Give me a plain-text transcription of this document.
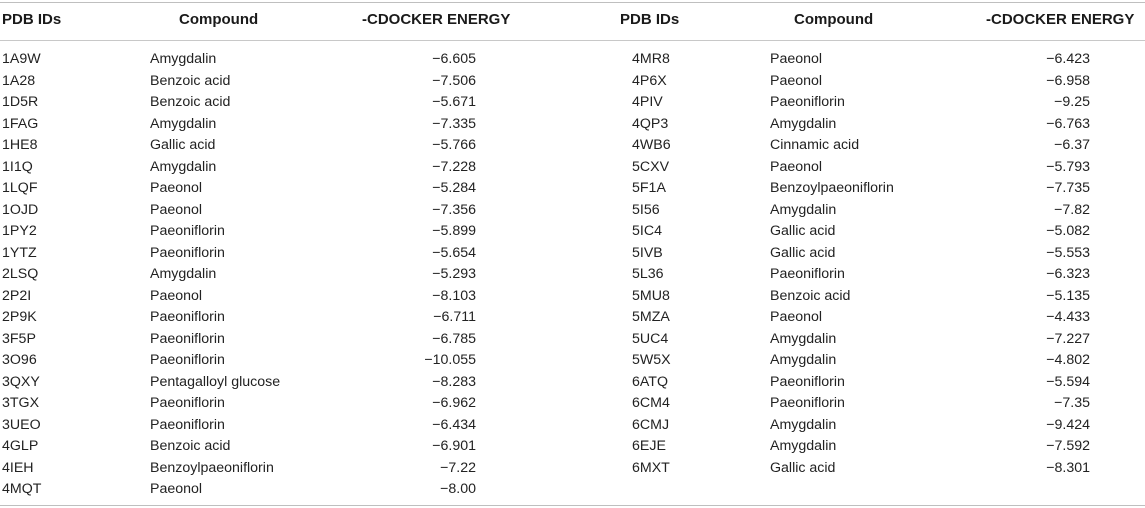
PDB IDs	Compound	-CDOCKER ENERGY	PDB IDs	Compound	-CDOCKER ENERGY
1A9W	Amygdalin	−6.605	4MR8	Paeonol	−6.423
1A28	Benzoic acid	−7.506	4P6X	Paeonol	−6.958
1D5R	Benzoic acid	−5.671	4PIV	Paeoniflorin	−9.25
1FAG	Amygdalin	−7.335	4QP3	Amygdalin	−6.763
1HE8	Gallic acid	−5.766	4WB6	Cinnamic acid	−6.37
1I1Q	Amygdalin	−7.228	5CXV	Paeonol	−5.793
1LQF	Paeonol	−5.284	5F1A	Benzoylpaeoniflorin	−7.735
1OJD	Paeonol	−7.356	5I56	Amygdalin	−7.82
1PY2	Paeoniflorin	−5.899	5IC4	Gallic acid	−5.082
1YTZ	Paeoniflorin	−5.654	5IVB	Gallic acid	−5.553
2LSQ	Amygdalin	−5.293	5L36	Paeoniflorin	−6.323
2P2I	Paeonol	−8.103	5MU8	Benzoic acid	−5.135
2P9K	Paeoniflorin	−6.711	5MZA	Paeonol	−4.433
3F5P	Paeoniflorin	−6.785	5UC4	Amygdalin	−7.227
3O96	Paeoniflorin	−10.055	5W5X	Amygdalin	−4.802
3QXY	Pentagalloyl glucose	−8.283	6ATQ	Paeoniflorin	−5.594
3TGX	Paeoniflorin	−6.962	6CM4	Paeoniflorin	−7.35
3UEO	Paeoniflorin	−6.434	6CMJ	Amygdalin	−9.424
4GLP	Benzoic acid	−6.901	6EJE	Amygdalin	−7.592
4IEH	Benzoylpaeoniflorin	−7.22	6MXT	Gallic acid	−8.301
4MQT	Paeonol	−8.00
